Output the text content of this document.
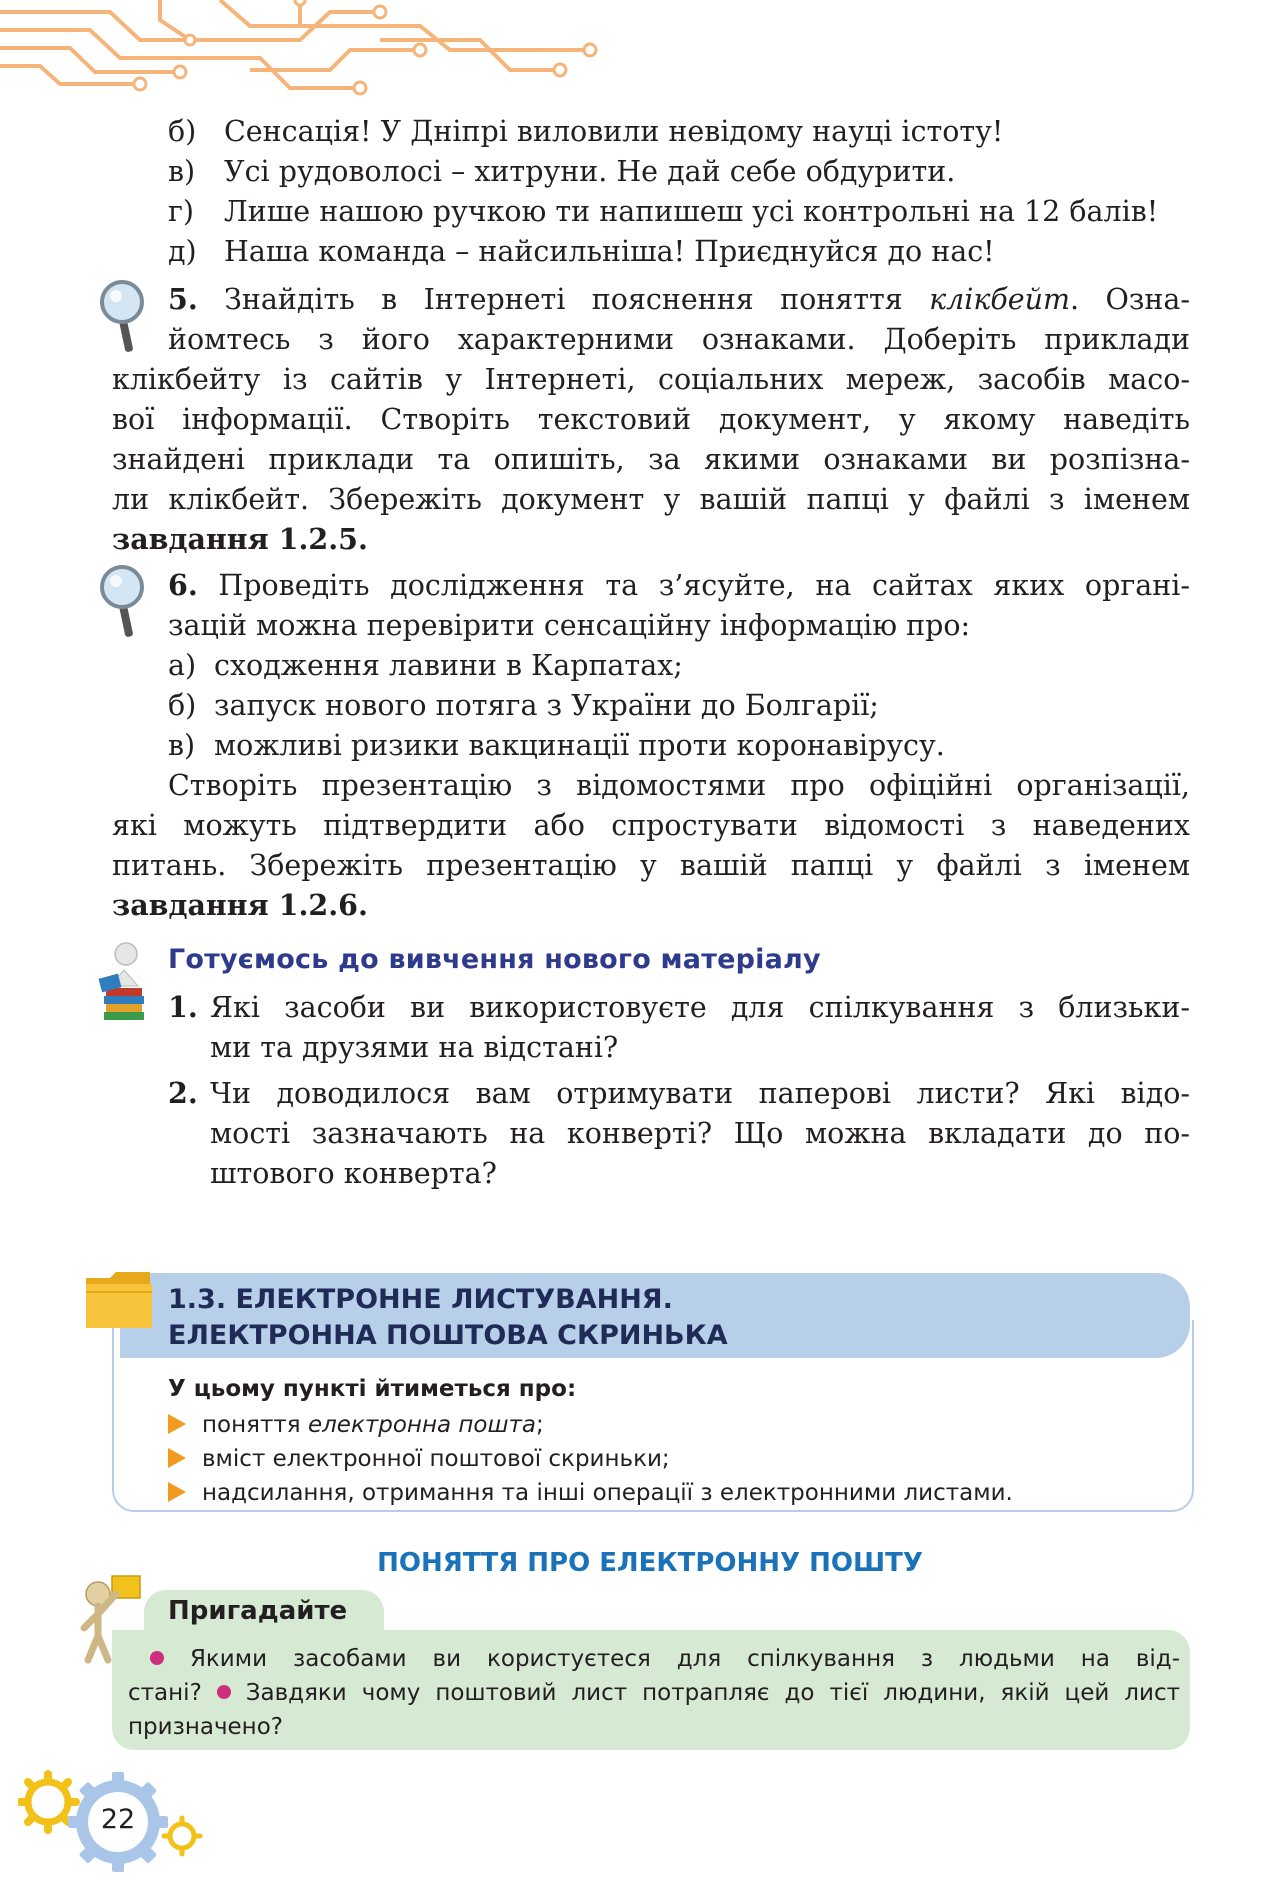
б) Сенсація! У Дніпрі виловили невідому науці істоту!
в) Усі рудоволосі – хитруни. Не дай себе обдурити.
г) Лише нашою ручкою ти напишеш усі контрольні на 12 балів!
д) Наша команда – найсильніша! Приєднуйся до нас!
5. Знайдіть в Інтернеті пояснення поняття клікбейт. Озна-
йомтесь з його характерними ознаками. Доберіть приклади
клікбейту із сайтів у Інтернеті, соціальних мереж, засобів масо-
вої інформації. Створіть текстовий документ, у якому наведіть
знайдені приклади та опишіть, за якими ознаками ви розпізна-
ли клікбейт. Збережіть документ у вашій папці у файлі з іменем
завдання 1.2.5.
6. Проведіть дослідження та з’ясуйте, на сайтах яких органі-
зацій можна перевірити сенсаційну інформацію про:
а) сходження лавини в Карпатах;
б) запуск нового потяга з України до Болгарії;
в) можливі ризики вакцинації проти коронавірусу.
Створіть презентацію з відомостями про офіційні організації,
які можуть підтвердити або спростувати відомості з наведених
питань. Збережіть презентацію у вашій папці у файлі з іменем
завдання 1.2.6.
Готуємось до вивчення нового матеріалу
1. Які засоби ви використовуєте для спілкування з близьки-
ми та друзями на відстані?
2. Чи доводилося вам отримувати паперові листи? Які відо-
мості зазначають на конверті? Що можна вкладати до по-
штового конверта?
1.3. ЕЛЕКТРОННЕ ЛИСТУВАННЯ.
ЕЛЕКТРОННА ПОШТОВА СКРИНЬКА
У цьому пункті йтиметься про:
поняття електронна пошта;
вміст електронної поштової скриньки;
надсилання, отримання та інші операції з електронними листами.
ПОНЯТТЯ ПРО ЕЛЕКТРОННУ ПОШТУ
Пригадайте
Якими засобами ви користуєтеся для спілкування з людьми на від-
стані? Завдяки чому поштовий лист потрапляє до тієї людини, якій цей лист
призначено?
22
